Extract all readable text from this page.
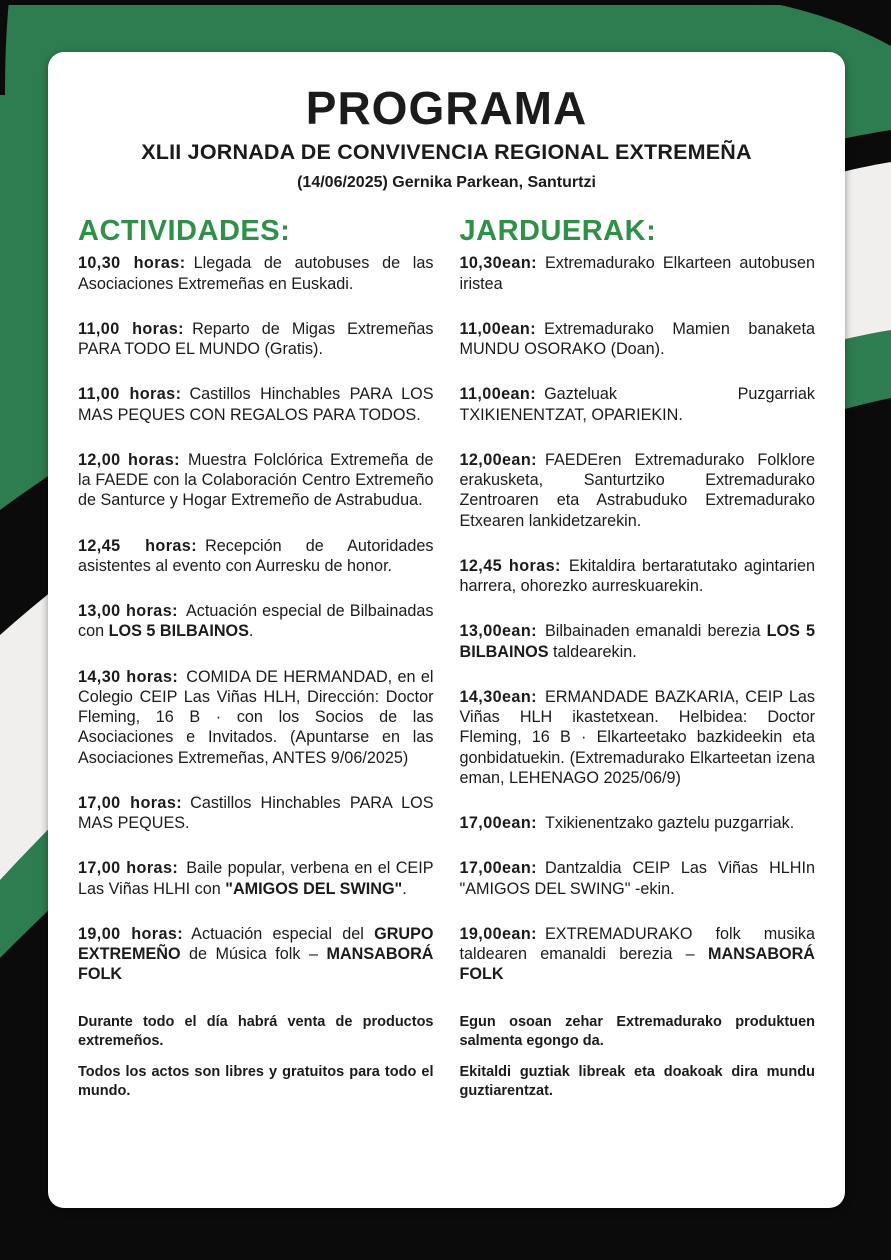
PROGRAMA
XLII JORNADA DE CONVIVENCIA REGIONAL EXTREMEÑA
(14/06/2025) Gernika Parkean, Santurtzi
ACTIVIDADES:

10,30 horas:  Llegada de autobuses de las Asociaciones Extremeñas en Euskadi.

11,00 horas:  Reparto de Migas Extremeñas PARA TODO EL MUNDO (Gratis).

11,00 horas:  Castillos Hinchables PARA LOS MAS PEQUES CON REGALOS PARA TODOS.

12,00 horas:  Muestra Folclórica Extremeña de la FAEDE con la Colaboración Centro Extremeño de Santurce y Hogar Extremeño de Astrabudua.

12,45 horas:  Recepción de Autoridades asistentes al evento con Aurresku de honor.

13,00 horas:  Actuación especial de Bilbainadas con LOS 5 BILBAINOS.

14,30 horas:  COMIDA DE HERMANDAD, en el Colegio CEIP Las Viñas HLH, Dirección: Doctor Fleming, 16 B · con los Socios de las Asociaciones e Invitados. (Apuntarse en las Asociaciones Extremeñas, ANTES 9/06/2025)

17,00 horas:  Castillos Hinchables PARA LOS MAS PEQUES.

17,00 horas:  Baile popular, verbena en el CEIP Las Viñas HLHI con "AMIGOS DEL SWING".

19,00 horas:  Actuación especial del GRUPO EXTREMEÑO de Música folk – MANSABORÁ FOLK

Durante todo el día habrá venta de productos extremeños.

Todos los actos son libres y gratuitos para todo el mundo.

JARDUERAK:

10,30ean:  Extremadurako Elkarteen autobusen iristea

11,00ean:  Extremadurako Mamien banaketa MUNDU OSORAKO (Doan).

11,00ean:  Gazteluak Puzgarriak TXIKIENENTZAT, OPARIEKIN.

12,00ean:  FAEDEren Extremadurako Folklore erakusketa, Santurtziko Extremadurako Zentroaren eta Astrabuduko Extremadurako Etxearen lankidetzarekin.

12,45 horas:  Ekitaldira bertaratutako agintarien harrera, ohorezko aurreskuarekin.

13,00ean:  Bilbainaden emanaldi berezia LOS 5 BILBAINOS taldearekin.

14,30ean:  ERMANDADE BAZKARIA, CEIP Las Viñas HLH ikastetxean. Helbidea: Doctor Fleming, 16 B · Elkarteetako bazkideekin eta gonbidatuekin. (Extremadurako Elkarteetan izena eman, LEHENAGO 2025/06/9)

17,00ean:  Txikienentzako gaztelu puzgarriak.

17,00ean:  Dantzaldia CEIP Las Viñas HLHIn "AMIGOS DEL SWING" -ekin.

19,00ean:  EXTREMADURAKO folk musika taldearen emanaldi berezia – MANSABORÁ FOLK

Egun osoan zehar Extremadurako produktuen salmenta egongo da.

Ekitaldi guztiak libreak eta doakoak dira mundu guztiarentzat.
